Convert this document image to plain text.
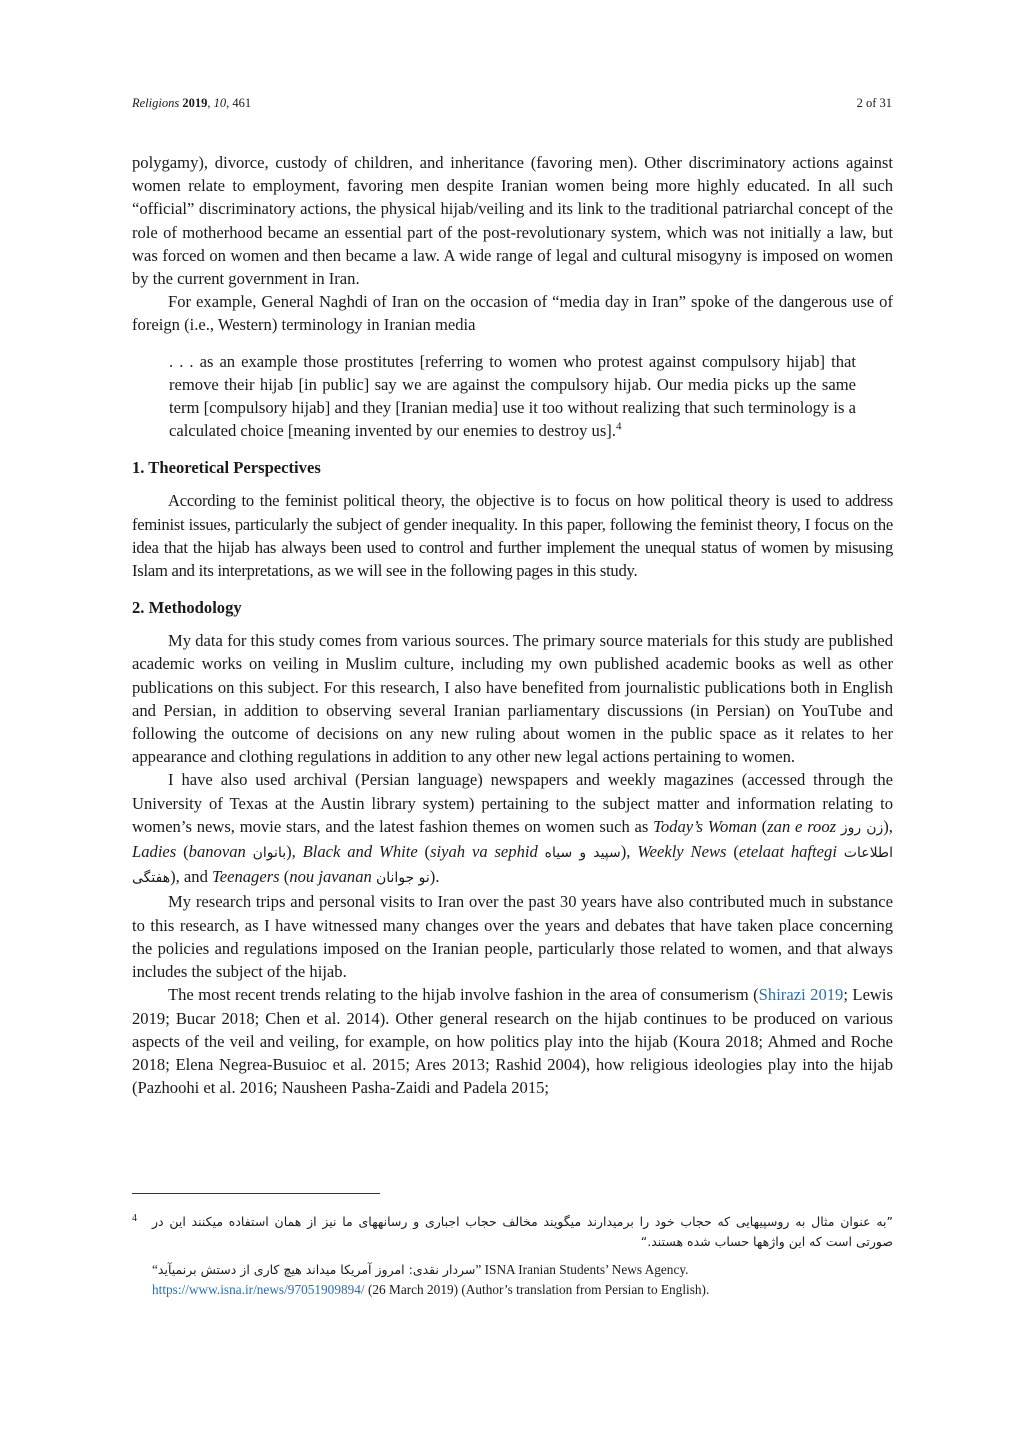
Religions 2019, 10, 461	2 of 31

polygamy), divorce, custody of children, and inheritance (favoring men). Other discriminatory actions against women relate to employment, favoring men despite Iranian women being more highly educated. In all such “official” discriminatory actions, the physical hijab/veiling and its link to the traditional patriarchal concept of the role of motherhood became an essential part of the post-revolutionary system, which was not initially a law, but was forced on women and then became a law. A wide range of legal and cultural misogyny is imposed on women by the current government in Iran.

For example, General Naghdi of Iran on the occasion of “media day in Iran” spoke of the dangerous use of foreign (i.e., Western) terminology in Iranian media

. . . as an example those prostitutes [referring to women who protest against compulsory hijab] that remove their hijab [in public] say we are against the compulsory hijab. Our media picks up the same term [compulsory hijab] and they [Iranian media] use it too without realizing that such terminology is a calculated choice [meaning invented by our enemies to destroy us].$^4$

1. Theoretical Perspectives

According to the feminist political theory, the objective is to focus on how political theory is used to address feminist issues, particularly the subject of gender inequality. In this paper, following the feminist theory, I focus on the idea that the hijab has always been used to control and further implement the unequal status of women by misusing Islam and its interpretations, as we will see in the following pages in this study.

2. Methodology

My data for this study comes from various sources. The primary source materials for this study are published academic works on veiling in Muslim culture, including my own published academic books as well as other publications on this subject. For this research, I also have benefited from journalistic publications both in English and Persian, in addition to observing several Iranian parliamentary discussions (in Persian) on YouTube and following the outcome of decisions on any new ruling about women in the public space as it relates to her appearance and clothing regulations in addition to any other new legal actions pertaining to women.

I have also used archival (Persian language) newspapers and weekly magazines (accessed through the University of Texas at the Austin library system) pertaining to the subject matter and information relating to women’s news, movie stars, and the latest fashion themes on women such as Today’s Woman (zan e rooz زن روز), Ladies (banovan بانوان), Black and White (siyah va sephid سپید و سیاه), Weekly News (etelaat haftegi اطلاعات هفتگی), and Teenagers (nou javanan نو جوانان).

My research trips and personal visits to Iran over the past 30 years have also contributed much in substance to this research, as I have witnessed many changes over the years and debates that have taken place concerning the policies and regulations imposed on the Iranian people, particularly those related to women, and that always includes the subject of the hijab.

The most recent trends relating to the hijab involve fashion in the area of consumerism (Shirazi 2019; Lewis 2019; Bucar 2018; Chen et al. 2014). Other general research on the hijab continues to be produced on various aspects of the veil and veiling, for example, on how politics play into the hijab (Koura 2018; Ahmed and Roche 2018; Elena Negrea-Busuioc et al. 2015; Ares 2013; Rashid 2004), how religious ideologies play into the hijab (Pazhoohi et al. 2016; Nausheen Pasha-Zaidi and Padela 2015;

4	”به عنوان مثال به روسپیهایی که حجاب خود را برمیدارند میگویند مخالف حجاب اجباری و رسانههای ما نیز از همان استفاده میکنند این در صورتی است که این واژهها حساب شده هستند.“
“سردار نقدی: امروز آمریکا میداند هیچ کاری از دستش برنمیآید” ISNA Iranian Students’ News Agency. https://www.isna.ir/news/97051909894/ (26 March 2019) (Author’s translation from Persian to English).
